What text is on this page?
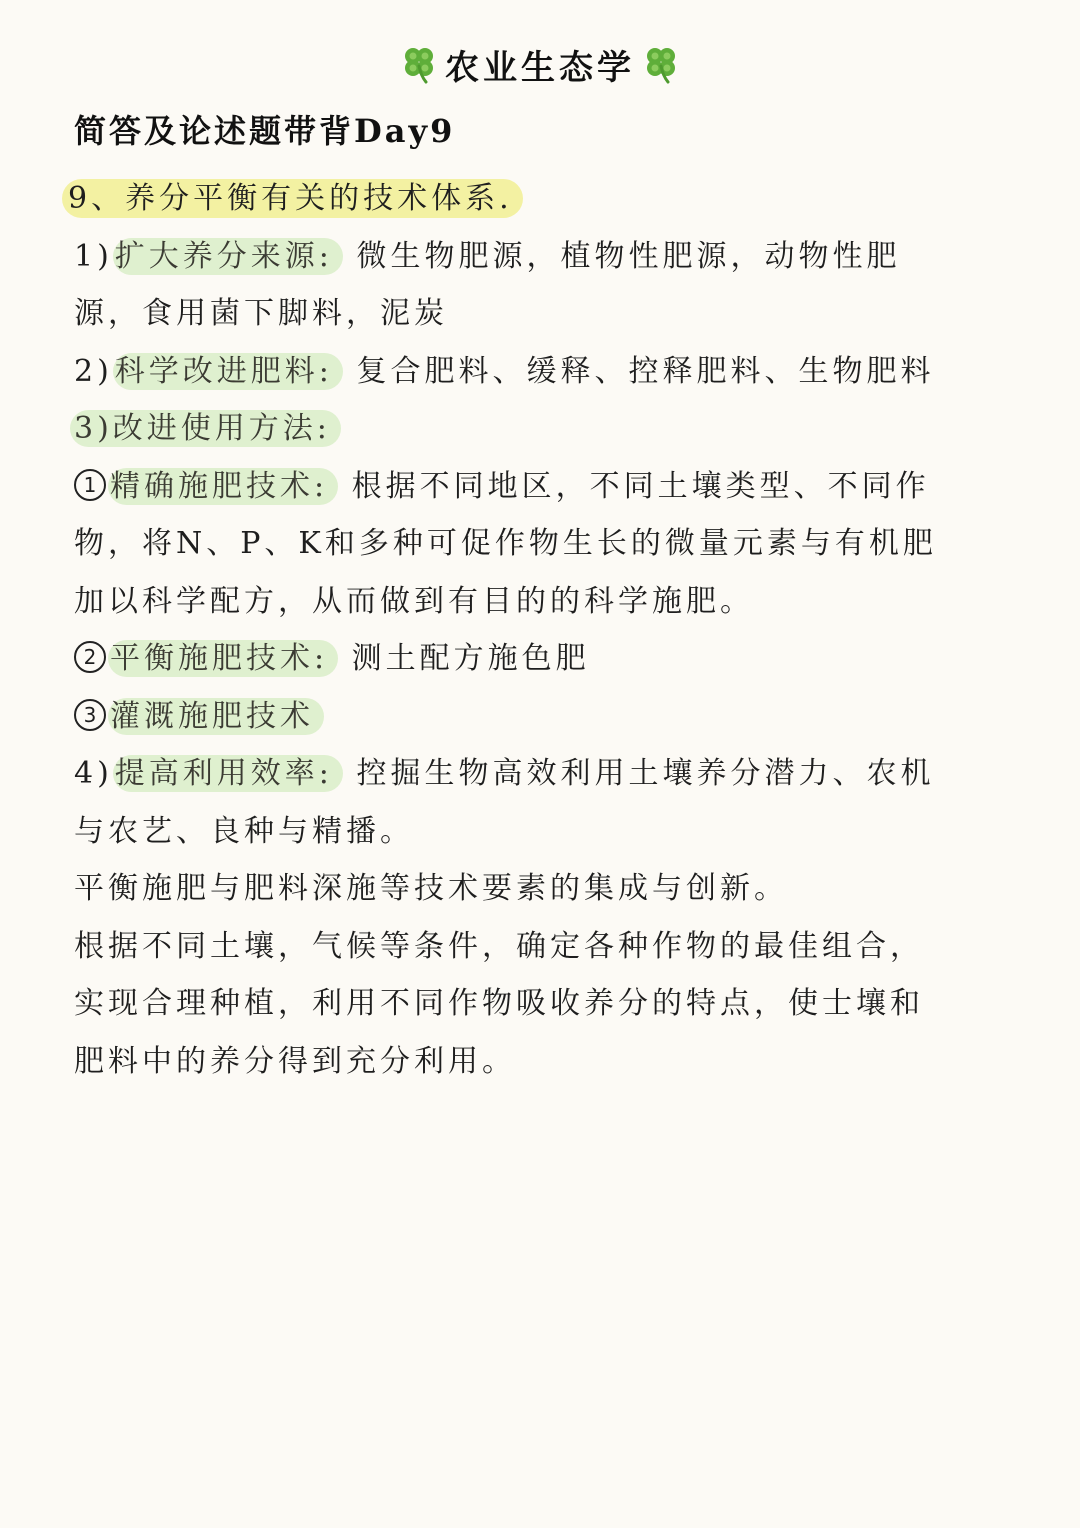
农业生态学
简答及论述题带背Day9
9、养分平衡有关的技术体系.
1)扩大养分来源: 微生物肥源，植物性肥源，动物性肥
源，食用菌下脚料，泥炭
2)科学改进肥料: 复合肥料、缓释、控释肥料、生物肥料
3)改进使用方法:
1 精确施肥技术: 根据不同地区，不同土壤类型、不同作
物，将N、P、K和多种可促作物生长的微量元素与有机肥
加以科学配方，从而做到有目的的科学施肥。
2 平衡施肥技术: 测土配方施色肥
3 灌溉施肥技术
4)提高利用效率: 控掘生物高效利用土壤养分潜力、农机
与农艺、良种与精播。
平衡施肥与肥料深施等技术要素的集成与创新。
根据不同土壤，气候等条件，确定各种作物的最佳组合，
实现合理种植，利用不同作物吸收养分的特点，使士壤和
肥料中的养分得到充分利用。
